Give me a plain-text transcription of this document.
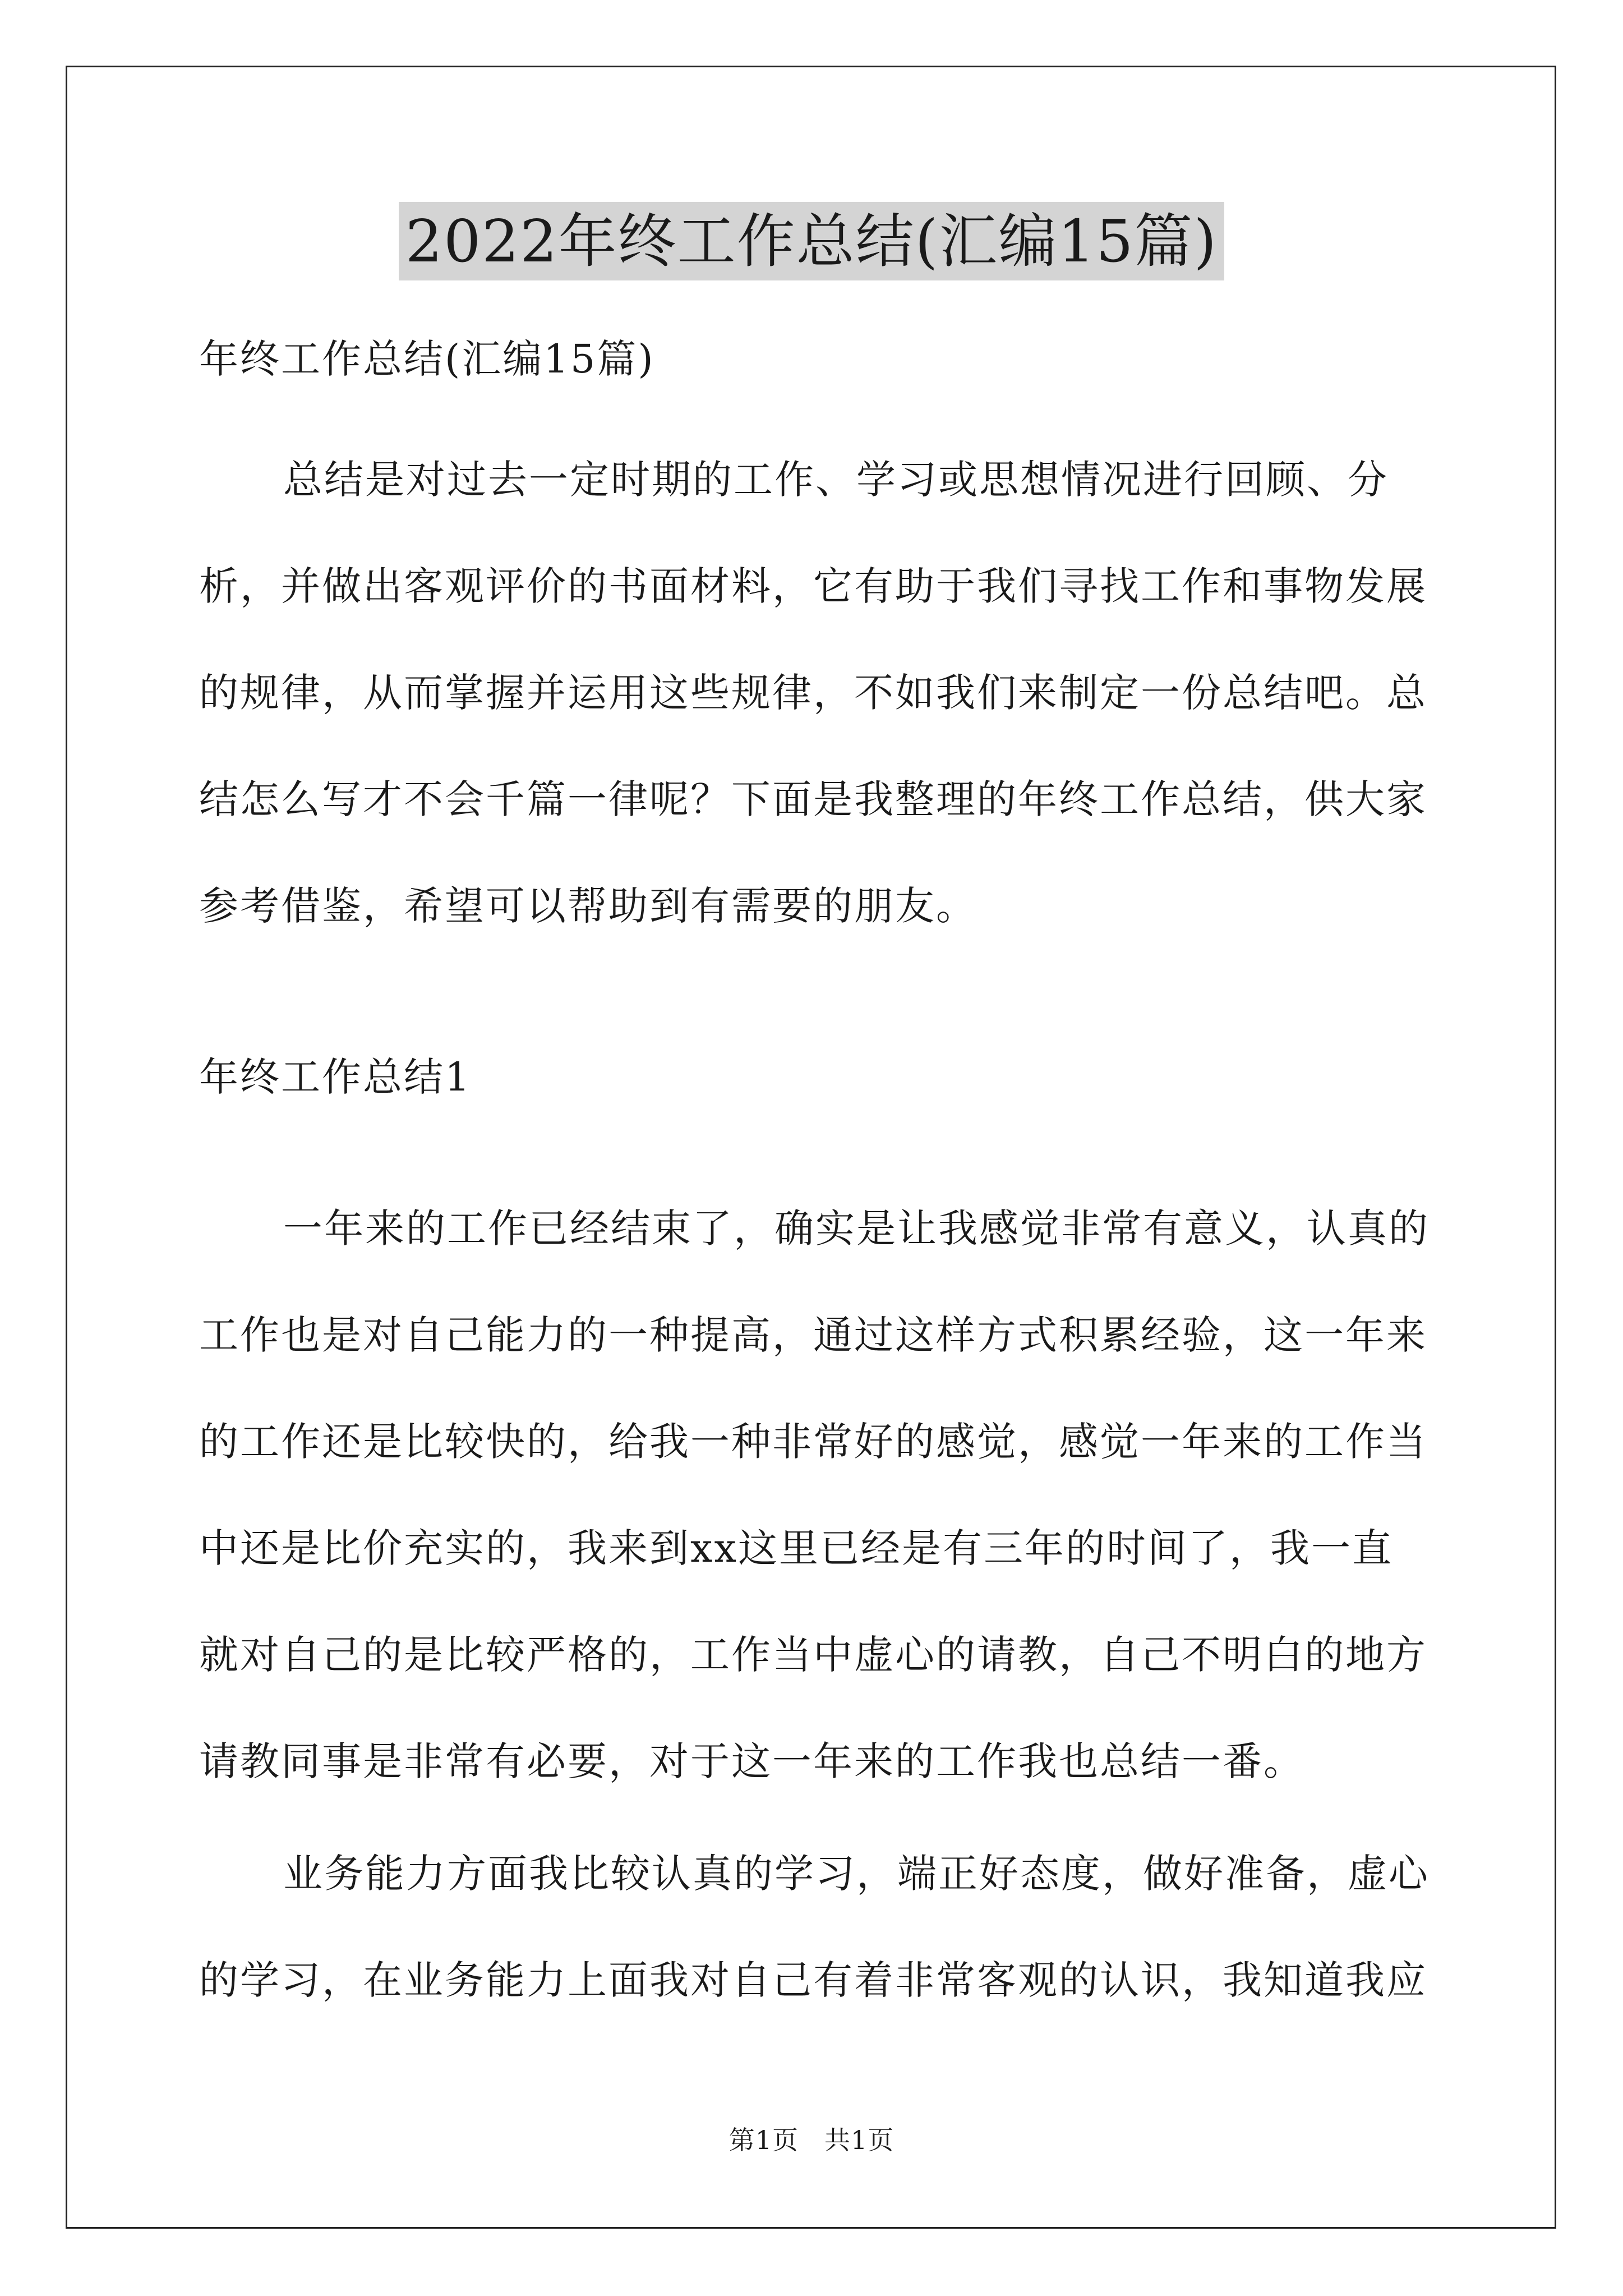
2022年终工作总结(汇编15篇)
年终工作总结(汇编15篇)
总结是对过去一定时期的工作、学习或思想情况进行回顾、分析，并做出客观评价的书面材料，它有助于我们寻找工作和事物发展的规律，从而掌握并运用这些规律，不如我们来制定一份总结吧。总结怎么写才不会千篇一律呢？下面是我整理的年终工作总结，供大家参考借鉴，希望可以帮助到有需要的朋友。
年终工作总结1
一年来的工作已经结束了，确实是让我感觉非常有意义，认真的工作也是对自己能力的一种提高，通过这样方式积累经验，这一年来的工作还是比较快的，给我一种非常好的感觉，感觉一年来的工作当中还是比价充实的，我来到xx这里已经是有三年的时间了，我一直就对自己的是比较严格的，工作当中虚心的请教，自己不明白的地方请教同事是非常有必要，对于这一年来的工作我也总结一番。
业务能力方面我比较认真的学习，端正好态度，做好准备，虚心的学习，在业务能力上面我对自己有着非常客观的认识，我知道我应
第1页 共1页
